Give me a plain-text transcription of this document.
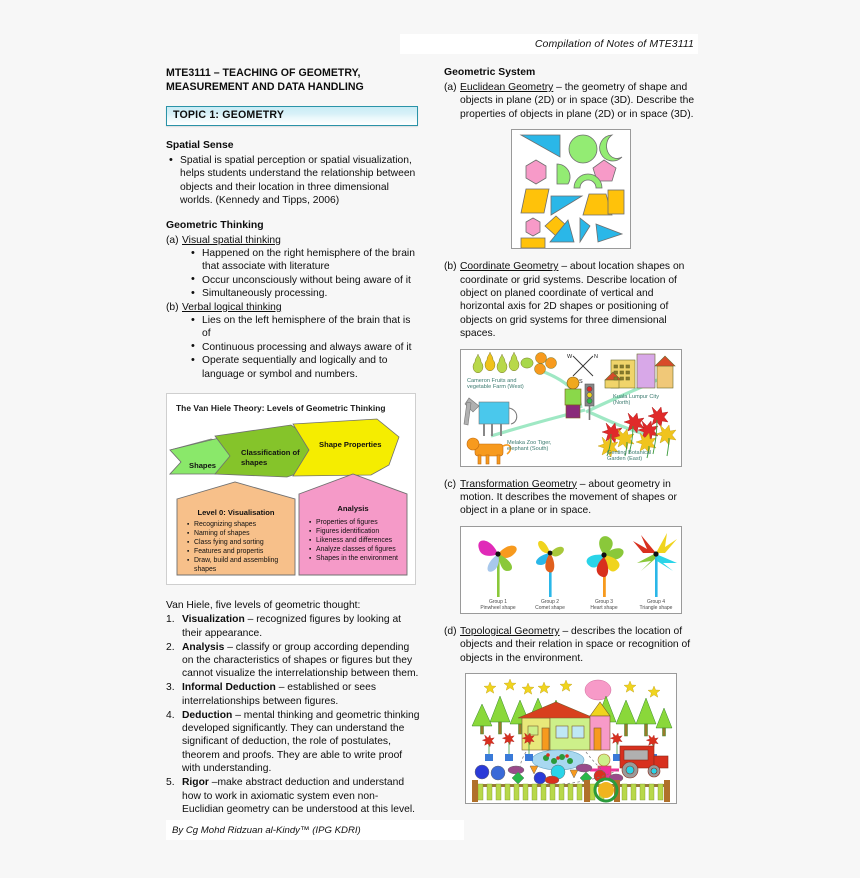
Compilation of Notes of MTE3111
MTE3111 – TEACHING OF GEOMETRY,
MEASUREMENT AND DATA HANDLING
TOPIC 1: GEOMETRY
Spatial Sense
• Spatial is spatial perception or spatial visualization, helps students understand the relationship between objects and their location in three dimensional worlds. (Kennedy and Tipps, 2006)
Geometric Thinking
(a) Visual spatial thinking
• Happened on the right hemisphere of the brain that associate with literature
• Occur unconsciously without being aware of it
• Simultaneously processing.
(b) Verbal logical thinking
• Lies on the left hemisphere of the brain that is of
• Continuous processing and always aware of it
• Operate sequentially and logically and to language or symbol and numbers.
The Van Hiele Theory: Levels of Geometric Thinking
Shapes
Classification of shapes
Shape Properties
Level 0: Visualisation
▪ Recognizing shapes
▪ Naming of shapes
▪ Class fying and sorting
▪ Features and propertis
▪ Draw, build and assembling shapes
Analysis
▪ Properties of figures
▪ Figures identification
▪ Likeness and differences
▪ Analyze classes of figures
▪ Shapes in the environment
Van Hiele, five levels of geometric thought:
Visualization – recognized figures by looking at their appearance.
Analysis – classify or group according depending on the characteristics of shapes or figures but they cannot visualize the interrelationship between them.
Informal Deduction – established or sees interrelationships between figures.
Deduction – mental thinking and geometric thinking developed significantly. They can understand the significant of deduction, the role of postulates, theorem and proofs. They are able to write proof with understanding.
Rigor –make abstract deduction and understand how to work in axiomatic system even non-Euclidian geometry can be understood at this level.
Geometric System
(a) Euclidean Geometry – the geometry of shape and objects in plane (2D) or in space (3D). Describe the properties of objects in plane (2D) or in space (3D).
(b) Coordinate Geometry – about location shapes on coordinate or grid systems. Describe location of object on planed coordinate of vertical and horizontal axis for 2D shapes or positioning of objects on grid systems for three dimensional spaces.
W	N
S
Cameron Fruits and vegetable Farm (West)
Kuala Lumpur City (North)
Melaka Zoo Tiger, elephant (South)
Genting Botanical Garden (East)
(c) Transformation Geometry – about geometry in motion. It describes the movement of shapes or object in a plane or in space.
Group 1
Pinwheel shape
Group 2
Comet shape
Group 3
Heart shape
Group 4
Triangle shape
(d) Topological Geometry – describes the location of objects and their relation in space or recognition of objects in the environment.
By Cg Mohd Ridzuan al-Kindy™ (IPG KDRI)
